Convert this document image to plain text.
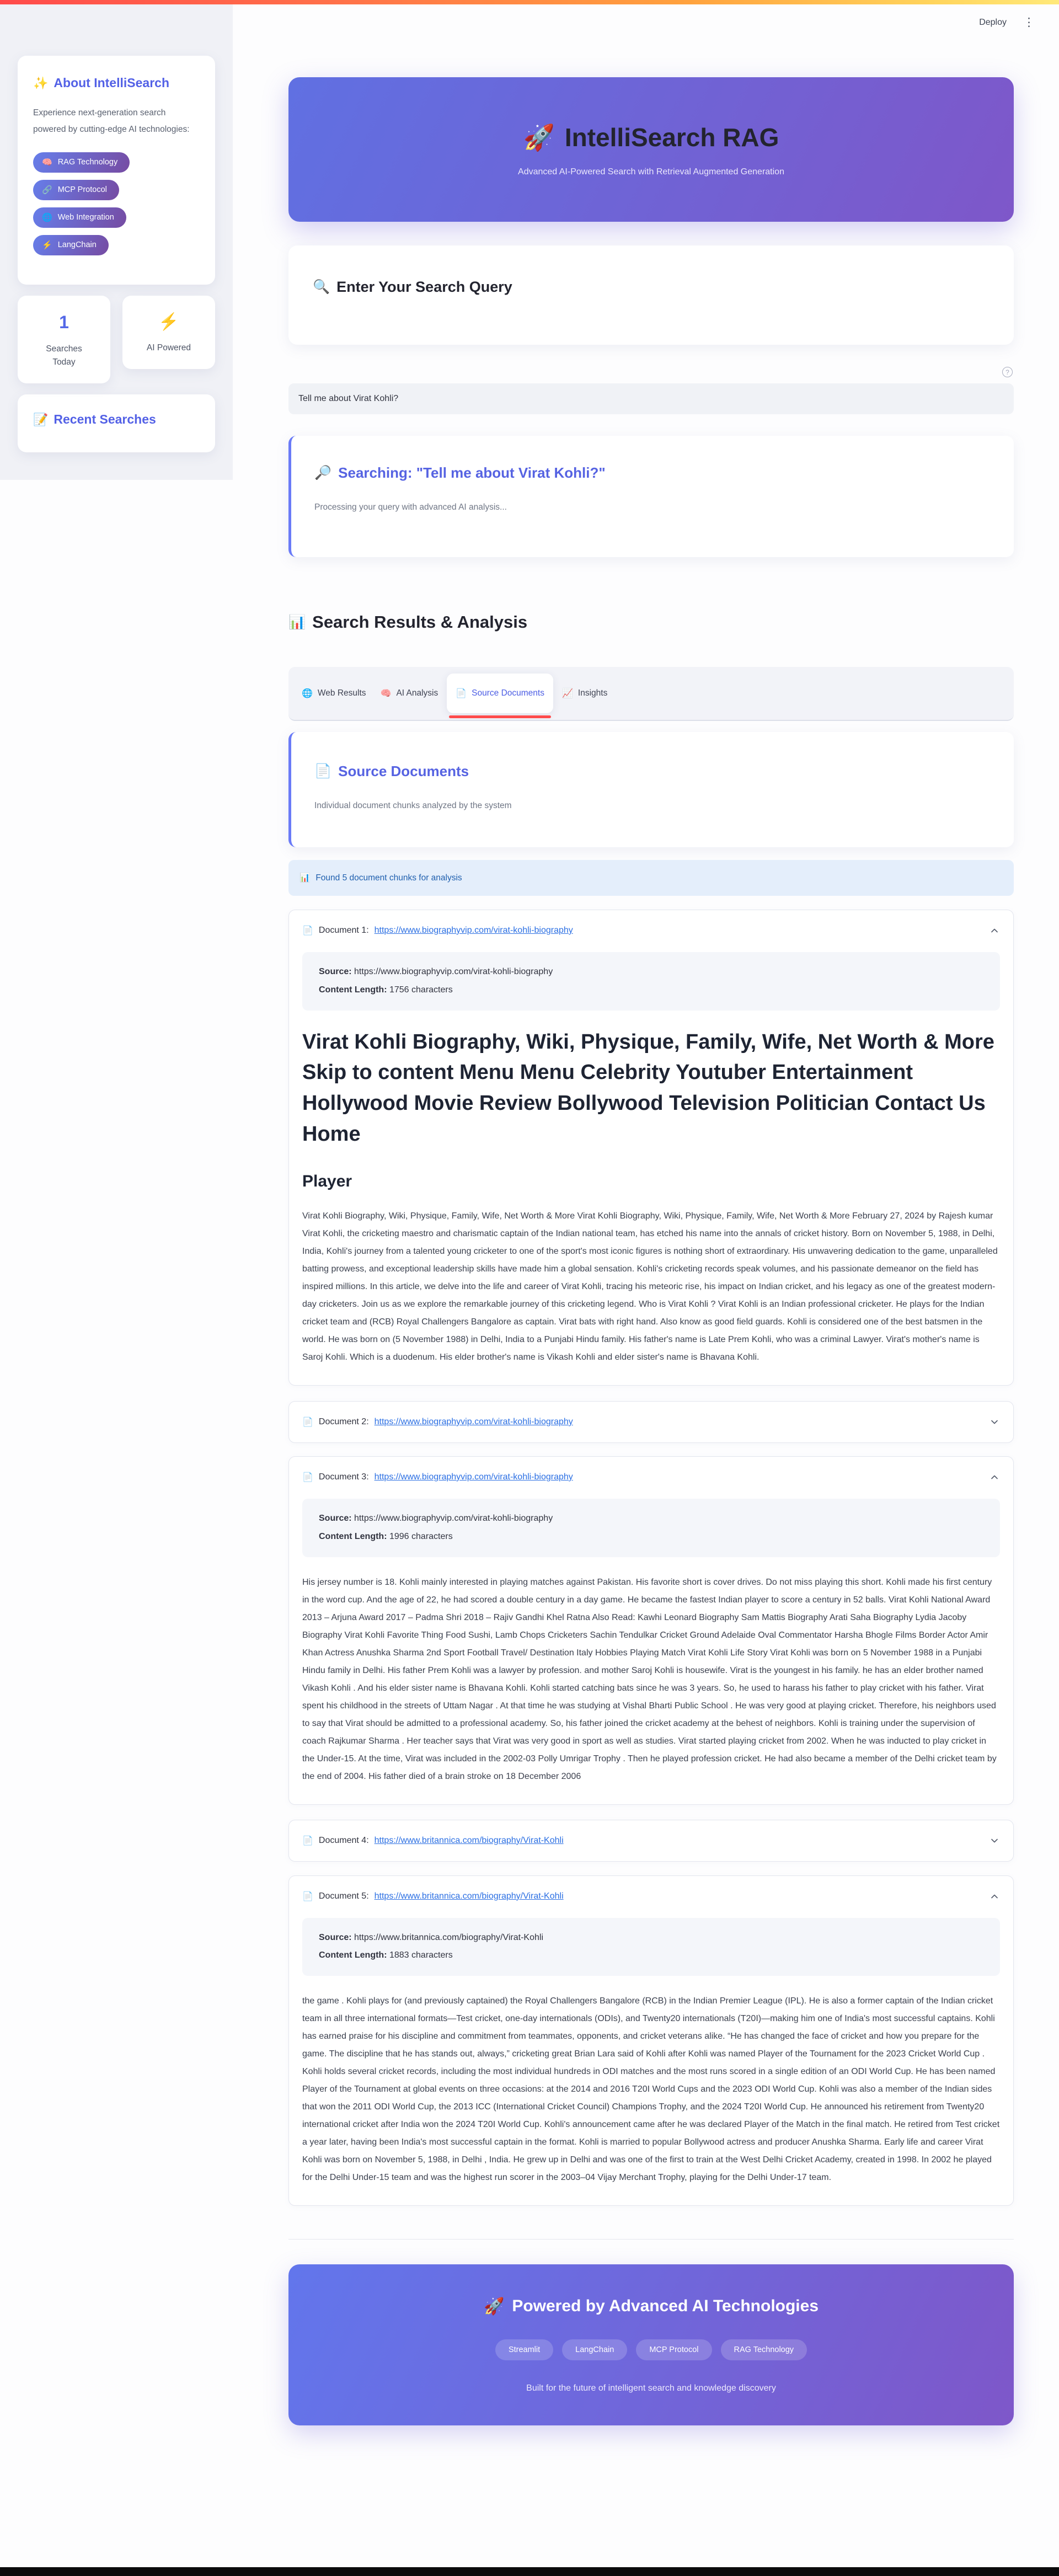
Deploy ⋮
✨ About IntelliSearch

Experience next-generation search powered by cutting-edge AI technologies:

🧠 RAG Technology
🔗 MCP Protocol
🌐 Web Integration
⚡ LangChain
1
Searches Today
⚡
AI Powered
📝 Recent Searches
🚀 IntelliSearch RAG
Advanced AI-Powered Search with Retrieval Augmented Generation
🔍 Enter Your Search Query
?
Tell me about Virat Kohli?
🔎 Searching: "Tell me about Virat Kohli?"

Processing your query with advanced AI analysis...

📊 Search Results & Analysis
🌐 Web Results 🧠 AI Analysis 📄 Source Documents 📈 Insights
📄 Source Documents

Individual document chunks analyzed by the system

📊 Found 5 document chunks for analysis
📄 Document 1: https://www.biographyvip.com/virat-kohli-biography
Source: https://www.biographyvip.com/virat-kohli-biography
Content Length: 1756 characters
Virat Kohli Biography, Wiki, Physique, Family, Wife, Net Worth & More Skip to content Menu Menu Celebrity Youtuber Entertainment Hollywood Movie Review Bollywood Television Politician Contact Us Home
Player

Virat Kohli Biography, Wiki, Physique, Family, Wife, Net Worth & More Virat Kohli Biography, Wiki, Physique, Family, Wife, Net Worth & More February 27, 2024 by Rajesh kumar Virat Kohli, the cricketing maestro and charismatic captain of the Indian national team, has etched his name into the annals of cricket history. Born on November 5, 1988, in Delhi, India, Kohli's journey from a talented young cricketer to one of the sport's most iconic figures is nothing short of extraordinary. His unwavering dedication to the game, unparalleled batting prowess, and exceptional leadership skills have made him a global sensation. Kohli's cricketing records speak volumes, and his passionate demeanor on the field has inspired millions. In this article, we delve into the life and career of Virat Kohli, tracing his meteoric rise, his impact on Indian cricket, and his legacy as one of the greatest modern-day cricketers. Join us as we explore the remarkable journey of this cricketing legend. Who is Virat Kohli ? Virat Kohli is an Indian professional cricketer. He plays for the Indian cricket team and (RCB) Royal Challengers Bangalore as captain. Virat bats with right hand. Also know as good field guards. Kohli is considered one of the best batsmen in the world. He was born on (5 November 1988) in Delhi, India to a Punjabi Hindu family. His father's name is Late Prem Kohli, who was a criminal Lawyer. Virat's mother's name is Saroj Kohli. Which is a duodenum. His elder brother's name is Vikash Kohli and elder sister's name is Bhavana Kohli.

📄 Document 2: https://www.biographyvip.com/virat-kohli-biography
📄 Document 3: https://www.biographyvip.com/virat-kohli-biography
Source: https://www.biographyvip.com/virat-kohli-biography
Content Length: 1996 characters

His jersey number is 18. Kohli mainly interested in playing matches against Pakistan. His favorite short is cover drives. Do not miss playing this short. Kohli made his first century in the word cup. And the age of 22, he had scored a double century in a day game. He became the fastest Indian player to score a century in 52 balls. Virat Kohli National Award 2013 – Arjuna Award 2017 – Padma Shri 2018 – Rajiv Gandhi Khel Ratna Also Read: Kawhi Leonard Biography Sam Mattis Biography Arati Saha Biography Lydia Jacoby Biography Virat Kohli Favorite Thing Food Sushi, Lamb Chops Cricketers Sachin Tendulkar Cricket Ground Adelaide Oval Commentator Harsha Bhogle Films Border Actor Amir Khan Actress Anushka Sharma 2nd Sport Football Travel/ Destination Italy Hobbies Playing Match Virat Kohli Life Story Virat Kohli was born on 5 November 1988 in a Punjabi Hindu family in Delhi. His father Prem Kohli was a lawyer by profession. and mother Saroj Kohli is housewife. Virat is the youngest in his family. he has an elder brother named Vikash Kohli . And his elder sister name is Bhavana Kohli. Kohli started catching bats since he was 3 years. So, he used to harass his father to play cricket with his father. Virat spent his childhood in the streets of Uttam Nagar . At that time he was studying at Vishal Bharti Public School . He was very good at playing cricket. Therefore, his neighbors used to say that Virat should be admitted to a professional academy. So, his father joined the cricket academy at the behest of neighbors. Kohli is training under the supervision of coach Rajkumar Sharma . Her teacher says that Virat was very good in sport as well as studies. Virat started playing cricket from 2002. When he was inducted to play cricket in the Under-15. At the time, Virat was included in the 2002-03 Polly Umrigar Trophy . Then he played profession cricket. He had also became a member of the Delhi cricket team by the end of 2004. His father died of a brain stroke on 18 December 2006

📄 Document 4: https://www.britannica.com/biography/Virat-Kohli
📄 Document 5: https://www.britannica.com/biography/Virat-Kohli
Source: https://www.britannica.com/biography/Virat-Kohli
Content Length: 1883 characters

the game . Kohli plays for (and previously captained) the Royal Challengers Bangalore (RCB) in the Indian Premier League (IPL). He is also a former captain of the Indian cricket team in all three international formats—Test cricket, one-day internationals (ODIs), and Twenty20 internationals (T20I)—making him one of India's most successful captains. Kohli has earned praise for his discipline and commitment from teammates, opponents, and cricket veterans alike. “He has changed the face of cricket and how you prepare for the game. The discipline that he has stands out, always,” cricketing great Brian Lara said of Kohli after Kohli was named Player of the Tournament for the 2023 Cricket World Cup . Kohli holds several cricket records, including the most individual hundreds in ODI matches and the most runs scored in a single edition of an ODI World Cup. He has been named Player of the Tournament at global events on three occasions: at the 2014 and 2016 T20I World Cups and the 2023 ODI World Cup. Kohli was also a member of the Indian sides that won the 2011 ODI World Cup, the 2013 ICC (International Cricket Council) Champions Trophy, and the 2024 T20I World Cup. He announced his retirement from Twenty20 international cricket after India won the 2024 T20I World Cup. Kohli's announcement came after he was declared Player of the Match in the final match. He retired from Test cricket a year later, having been India's most successful captain in the format. Kohli is married to popular Bollywood actress and producer Anushka Sharma. Early life and career Virat Kohli was born on November 5, 1988, in Delhi , India. He grew up in Delhi and was one of the first to train at the West Delhi Cricket Academy, created in 1998. In 2002 he played for the Delhi Under-15 team and was the highest run scorer in the 2003–04 Vijay Merchant Trophy, playing for the Delhi Under-17 team.

🚀 Powered by Advanced AI Technologies
Streamlit	LangChain	MCP Protocol	RAG Technology
Built for the future of intelligent search and knowledge discovery
